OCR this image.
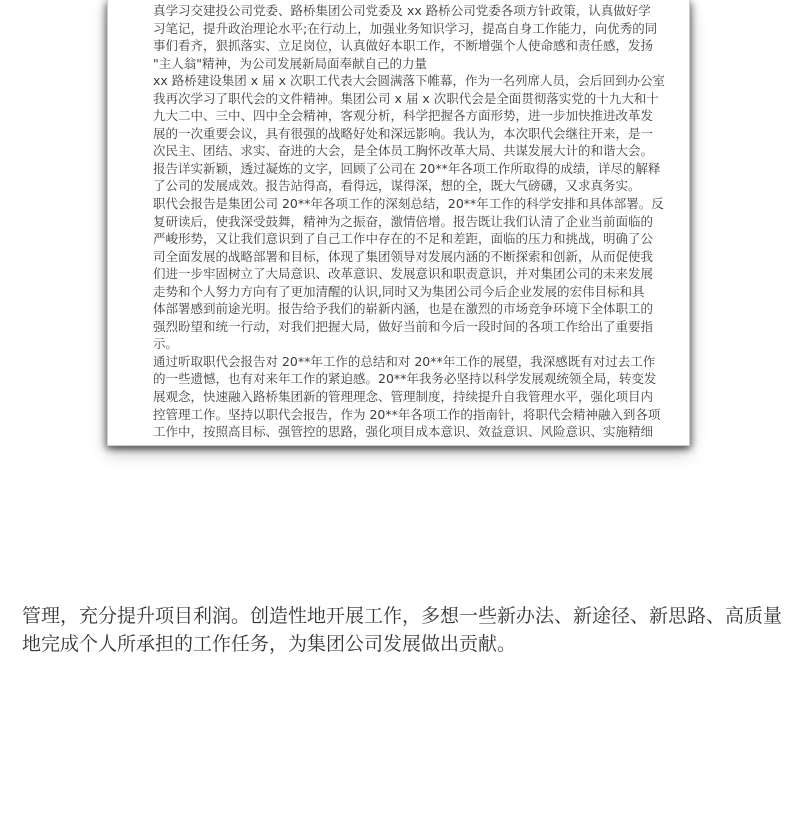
真学习交建投公司党委、路桥集团公司党委及 xx 路桥公司党委各项方针政策，认真做好学
习笔记，提升政治理论水平;在行动上，加强业务知识学习，提高自身工作能力，向优秀的同
事们看齐，狠抓落实、立足岗位，认真做好本职工作，不断增强个人使命感和责任感，发扬
"主人翁"精神，为公司发展新局面奉献自己的力量
xx 路桥建设集团 x 届 x 次职工代表大会圆满落下帷幕，作为一名列席人员，会后回到办公室
我再次学习了职代会的文件精神。集团公司 x 届 x 次职代会是全面贯彻落实党的十九大和十
九大二中、三中、四中全会精神，客观分析，科学把握各方面形势，进一步加快推进改革发
展的一次重要会议，具有很强的战略好处和深远影响。我认为，本次职代会继往开来，是一
次民主、团结、求实、奋进的大会，是全体员工胸怀改革大局、共谋发展大计的和谐大会。
报告详实新颖，透过凝炼的文字，回顾了公司在 20**年各项工作所取得的成绩，详尽的解释
了公司的发展成效。报告站得高，看得远，谋得深，想的全，既大气磅礴，又求真务实。
职代会报告是集团公司 20**年各项工作的深刻总结，20**年工作的科学安排和具体部署。反
复研读后，使我深受鼓舞，精神为之振奋，激情倍增。报告既让我们认清了企业当前面临的
严峻形势，又让我们意识到了自己工作中存在的不足和差距，面临的压力和挑战，明确了公
司全面发展的战略部署和目标，体现了集团领导对发展内涵的不断探索和创新，从而促使我
们进一步牢固树立了大局意识、改革意识、发展意识和职责意识，并对集团公司的未来发展
走势和个人努力方向有了更加清醒的认识,同时又为集团公司今后企业发展的宏伟目标和具
体部署感到前途光明。报告给予我们的崭新内涵，也是在激烈的市场竞争环境下全体职工的
强烈盼望和统一行动，对我们把握大局，做好当前和今后一段时间的各项工作给出了重要指
示。
通过听取职代会报告对 20**年工作的总结和对 20**年工作的展望，我深感既有对过去工作
的一些遗憾，也有对来年工作的紧迫感。20**年我务必坚持以科学发展观统领全局，转变发
展观念，快速融入路桥集团新的管理理念、管理制度，持续提升自我管理水平，强化项目内
控管理工作。坚持以职代会报告，作为 20**年各项工作的指南针，将职代会精神融入到各项
工作中，按照高目标、强管控的思路，强化项目成本意识、效益意识、风险意识、实施精细
管理，充分提升项目利润。创造性地开展工作，多想一些新办法、新途径、新思路、高质量
地完成个人所承担的工作任务，为集团公司发展做出贡献。
